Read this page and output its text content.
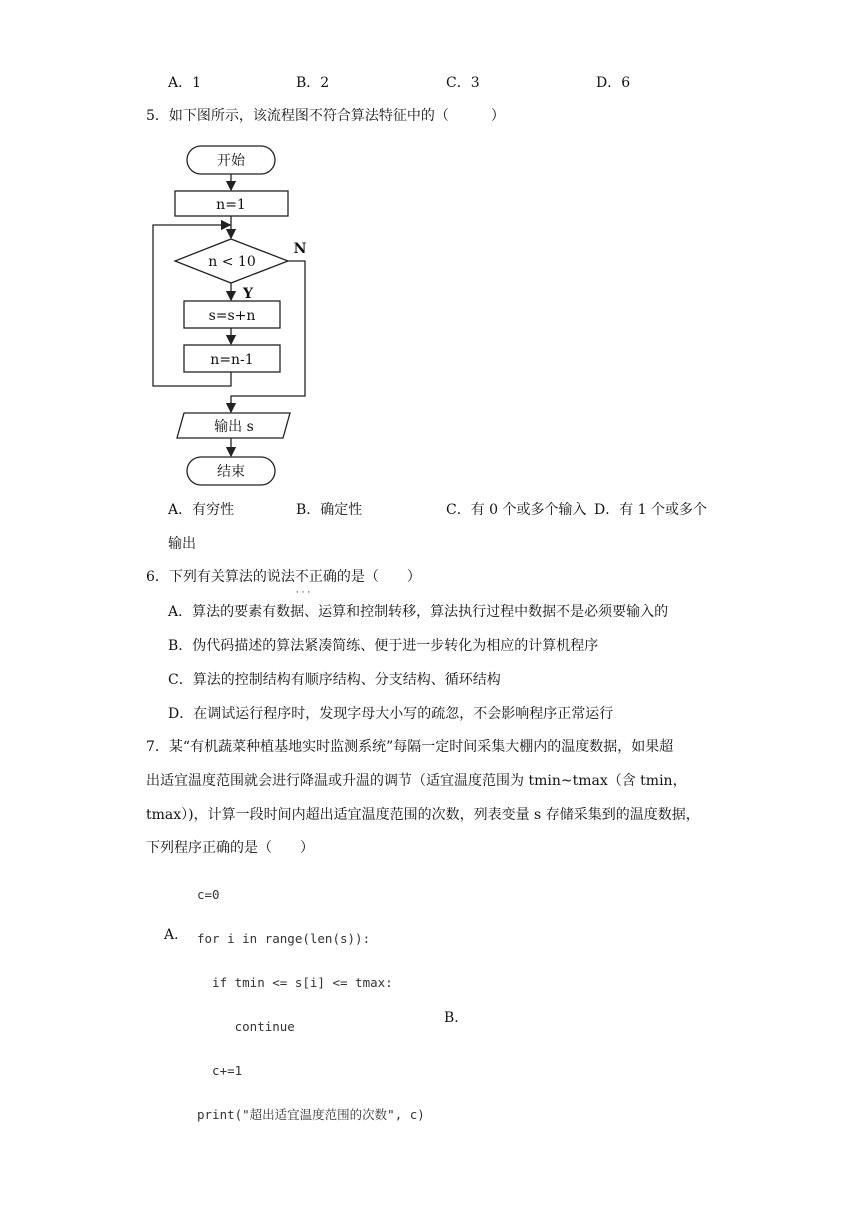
A．1	B．2	C．3	D．6
5．如下图所示，该流程图不符合算法特征中的（　　　）
开始
n=1
n < 10
s=s+n
n=n-1
输出 s
结束
N
Y
A．有穷性	B．确定性	C．有 0 个或多个输入 D．有 1 个或多个
输出
6．下列有关算法的说法不正确 · · ·的是（　　）
A．算法的要素有数据、运算和控制转移，算法执行过程中数据不是必须要输入的
B．伪代码描述的算法紧凑简练、便于进一步转化为相应的计算机程序
C．算法的控制结构有顺序结构、分支结构、循环结构
D．在调试运行程序时，发现字母大小写的疏忽，不会影响程序正常运行
7．某“有机蔬菜种植基地实时监测系统”每隔一定时间采集大棚内的温度数据，如果超
出适宜温度范围就会进行降温或升温的调节（适宜温度范围为 tmin~tmax（含 tmin，
tmax）)，计算一段时间内超出适宜温度范围的次数，列表变量 s 存储采集到的温度数据，
下列程序正确的是（　　）
A．

c=0

for i in range(len(s)):

if tmin <= s[i] <= tmax:

continue

c+=1

print("超出适宜温度范围的次数", c)

B．
